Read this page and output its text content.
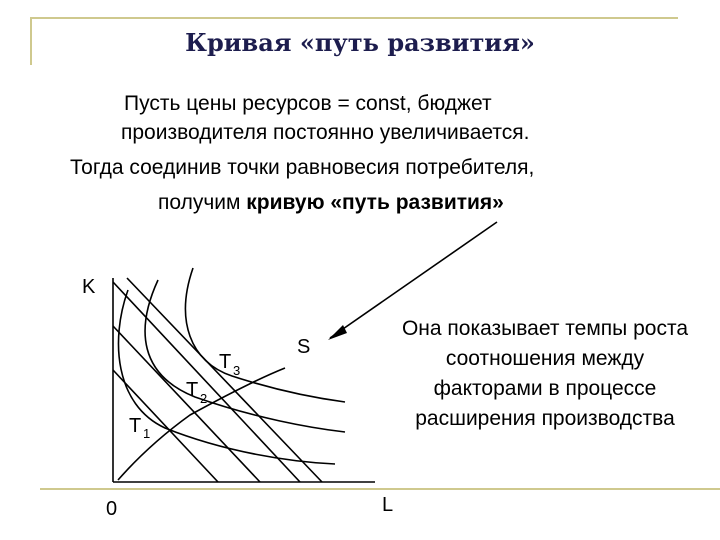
Кривая «путь развития»
Пусть цены ресурсов = const, бюджет
производителя постоянно увеличивается.
Тогда соединив точки равновесия потребителя,
получим кривую «путь развития»
Она показывает темпы роста соотношения между факторами в процессе расширения производства
K
L
0
S
T 1
T 2
T 3
